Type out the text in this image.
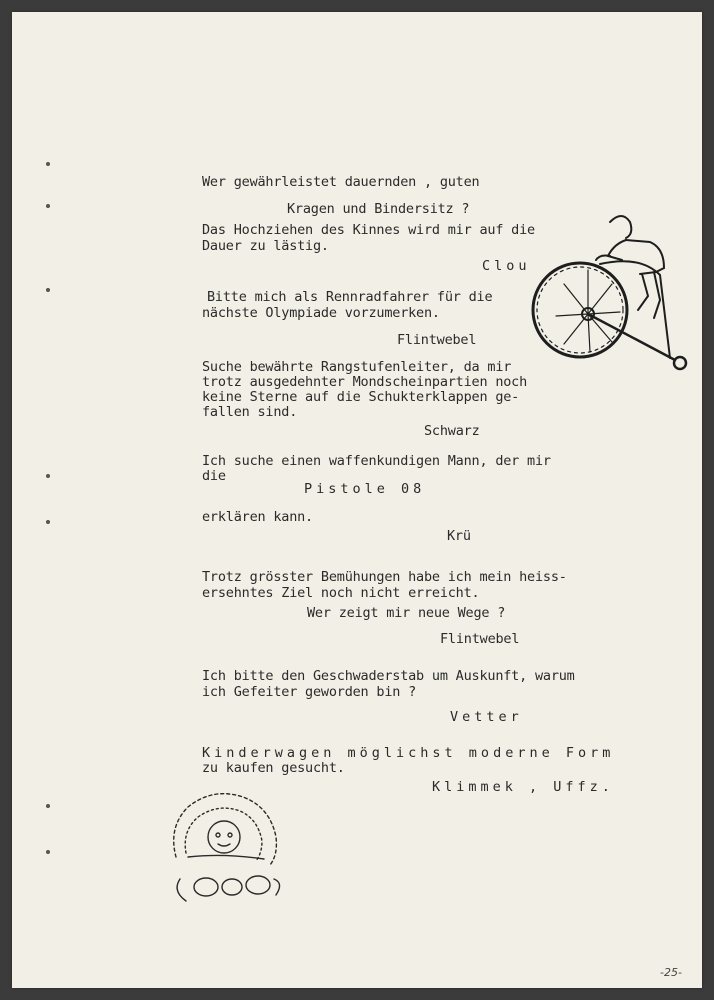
Wer gewährleistet dauernden , guten
Kragen und Bindersitz ?
Das Hochziehen des Kinnes wird mir auf die
Dauer zu lästig.
Clou
Bitte mich als Rennradfahrer für die
nächste Olympiade vorzumerken.
Flintwebel
Suche bewährte Rangstufenleiter, da mir
trotz ausgedehnter Mondscheinpartien noch
keine Sterne auf die Schukterklappen ge-
fallen sind.
Schwarz
Ich suche einen waffenkundigen Mann, der mir
die
Pistole 08
erklären kann.
Krü
Trotz grösster Bemühungen habe ich mein heiss-
ersehntes Ziel noch nicht erreicht.
Wer zeigt mir neue Wege ?
Flintwebel
Ich bitte den Geschwaderstab um Auskunft, warum
ich Gefeiter geworden bin ?
Vetter
Kinderwagen möglichst moderne Form
zu kaufen gesucht.
Klimmek , Uffz.
-25-
